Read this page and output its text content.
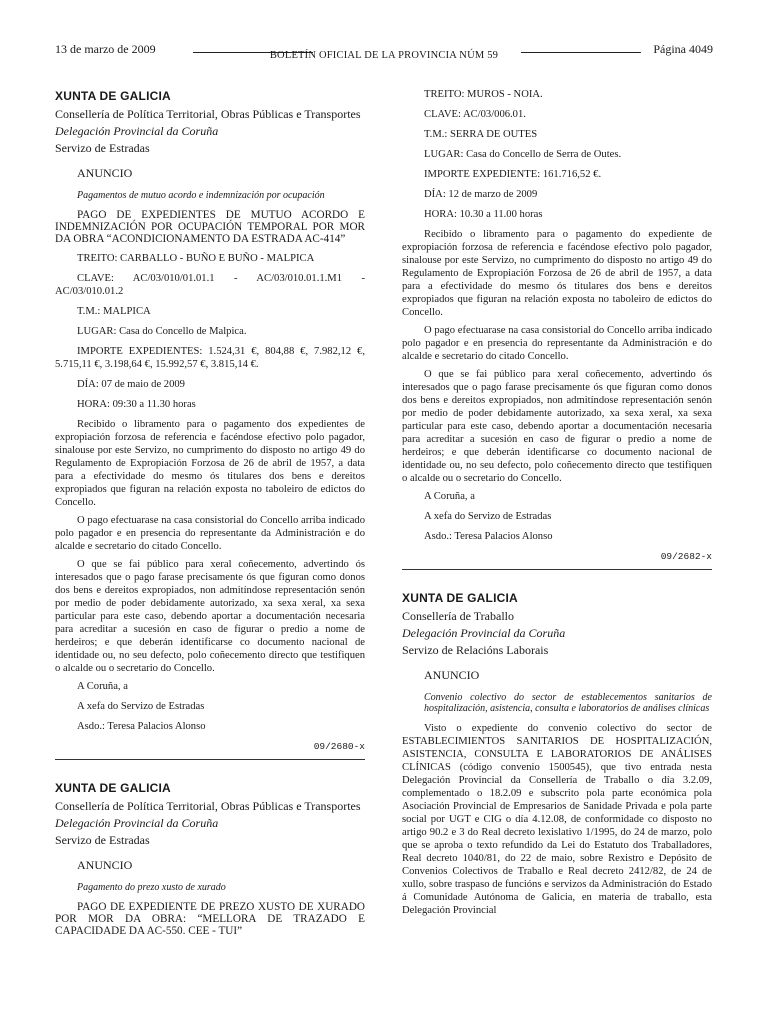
13 de marzo de 2009	BOLETÍN OFICIAL DE LA PROVINCIA NÚM 59	Página 4049
XUNTA DE GALICIA
Consellería de Política Territorial, Obras Públicas e Transportes
Delegación Provincial da Coruña
Servizo de Estradas
ANUNCIO
Pagamentos de mutuo acordo e indemnización por ocupación

PAGO DE EXPEDIENTES DE MUTUO ACORDO E INDEMNIZACIÓN POR OCUPACIÓN TEMPORAL POR MOR DA OBRA “ACONDICIONAMENTO DA ESTRADA AC-414”

TREITO: CARBALLO - BUÑO E BUÑO - MALPICA

CLAVE: AC/03/010/01.01.1 - AC/03/010.01.1.M1 - AC/03/010.01.2

T.M.: MALPICA

LUGAR: Casa do Concello de Malpica.

IMPORTE EXPEDIENTES: 1.524,31 €, 804,88 €, 7.982,12 €, 5.715,11 €, 3.198,64 €, 15.992,57 €, 3.815,14 €.

DÍA: 07 de maio de 2009

HORA: 09:30 a 11.30 horas

Recibido o libramento para o pagamento dos expedientes de expropiación forzosa de referencia e facéndose efectivo polo pagador, sinalouse por este Servizo, no cumprimento do disposto no artigo 49 do Regulamento de Expropiación Forzosa de 26 de abril de 1957, a data para a efectividade do mesmo ós titulares dos bens e dereitos expropiados que figuran na relación exposta no taboleiro de edictos do Concello.

O pago efectuarase na casa consistorial do Concello arriba indicado polo pagador e en presencia do representante da Administración e do alcalde e secretario do citado Concello.

O que se fai público para xeral coñecemento, advertindo ós interesados que o pago farase precisamente ós que figuran como donos dos bens e dereitos expropiados, non admitíndose representación senón por medio de poder debidamente autorizado, xa sexa xeral, xa sexa particular para este caso, debendo aportar a documentación necesaria para acreditar a sucesión en caso de figurar o predio a nome de herdeiros; e que deberán identificarse co documento nacional de identidade ou, no seu defecto, polo coñecemento directo que testifiquen o alcalde ou o secretario do Concello.

A Coruña, a

A xefa do Servizo de Estradas

Asdo.: Teresa Palacios Alonso

09/2680-x
XUNTA DE GALICIA
Consellería de Política Territorial, Obras Públicas e Transportes
Delegación Provincial da Coruña
Servizo de Estradas
ANUNCIO
Pagamento do prezo xusto de xurado

PAGO DE EXPEDIENTE DE PREZO XUSTO DE XURADO POR MOR DA OBRA: “MELLORA DE TRAZADO E CAPACIDADE DA AC-550. CEE - TUI”

TREITO: MUROS - NOIA.

CLAVE: AC/03/006.01.

T.M.: SERRA DE OUTES

LUGAR: Casa do Concello de Serra de Outes.

IMPORTE EXPEDIENTE: 161.716,52 €.

DÍA: 12 de marzo de 2009

HORA: 10.30 a 11.00 horas

Recibido o libramento para o pagamento do expediente de expropiación forzosa de referencia e facéndose efectivo polo pagador, sinalouse por este Servizo, no cumprimento do disposto no artigo 49 do Regulamento de Expropiación Forzosa de 26 de abril de 1957, a data para a efectividade do mesmo ós titulares dos bens e dereitos expropiados que figuran na relación exposta no taboleiro de edictos do Concello.

O pago efectuarase na casa consistorial do Concello arriba indicado polo pagador e en presencia do representante da Administración e do alcalde e secretario do citado Concello.

O que se fai público para xeral coñecemento, advertindo ós interesados que o pago farase precisamente ós que figuran como donos dos bens e dereitos expropiados, non admitíndose representación senón por medio de poder debidamente autorizado, xa sexa xeral, xa sexa particular para este caso, debendo aportar a documentación necesaria para acreditar a sucesión en caso de figurar o predio a nome de herdeiros; e que deberán identificarse co documento nacional de identidade ou, no seu defecto, polo coñecemento directo que testifiquen o alcalde ou o secretario do Concello.

A Coruña, a

A xefa do Servizo de Estradas

Asdo.: Teresa Palacios Alonso

09/2682-x
XUNTA DE GALICIA
Consellería de Traballo
Delegación Provincial da Coruña
Servizo de Relacións Laborais
ANUNCIO
Convenio colectivo do sector de establecementos sanitarios de hospitalización, asistencia, consulta e laboratorios de análises clínicas

Visto o expediente do convenio colectivo do sector de ESTABLECIMIENTOS SANITARIOS DE HOSPITALIZACIÓN, ASISTENCIA, CONSULTA E LABORATORIOS DE ANÁLISES CLÍNICAS (código convenio 1500545), que tivo entrada nesta Delegación Provincial da Consellería de Traballo o día 3.2.09, complementado o 18.2.09 e subscrito pola parte económica pola Asociación Provincial de Empresarios de Sanidade Privada e pola parte social por UGT e CIG o día 4.12.08, de conformidade co disposto no artigo 90.2 e 3 do Real decreto lexislativo 1/1995, do 24 de marzo, polo que se aproba o texto refundido da Lei do Estatuto dos Traballadores, Real decreto 1040/81, do 22 de maio, sobre Rexistro e Depósito de Convenios Colectivos de Traballo e Real decreto 2412/82, de 24 de xullo, sobre traspaso de funcións e servizos da Administración do Estado á Comunidade Autónoma de Galicia, en materia de traballo, esta Delegación Provincial
